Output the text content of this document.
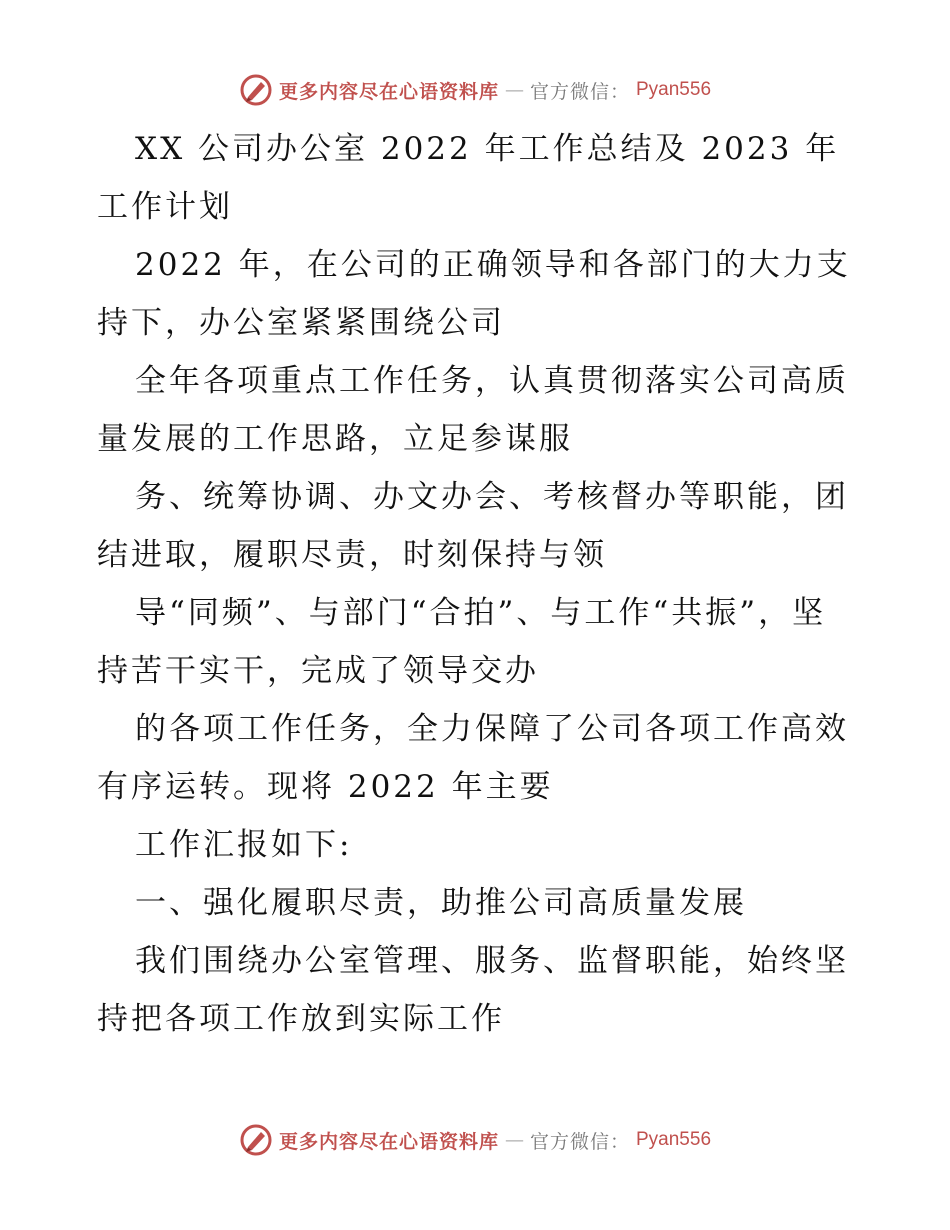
更多内容尽在心语资料库 — 官方微信： Pyan556

XX 公司办公室 2022 年工作总结及 2023 年工作计划

2022 年，在公司的正确领导和各部门的大力支持下，办公室紧紧围绕公司

全年各项重点工作任务，认真贯彻落实公司高质量发展的工作思路，立足参谋服

务、统筹协调、办文办会、考核督办等职能，团结进取，履职尽责，时刻保持与领

导“同频”、与部门“合拍”、与工作“共振”，坚持苦干实干，完成了领导交办

的各项工作任务，全力保障了公司各项工作高效有序运转。现将 2022 年主要

工作汇报如下:

一、强化履职尽责，助推公司高质量发展

我们围绕办公室管理、服务、监督职能，始终坚持把各项工作放到实际工作

更多内容尽在心语资料库 — 官方微信： Pyan556
